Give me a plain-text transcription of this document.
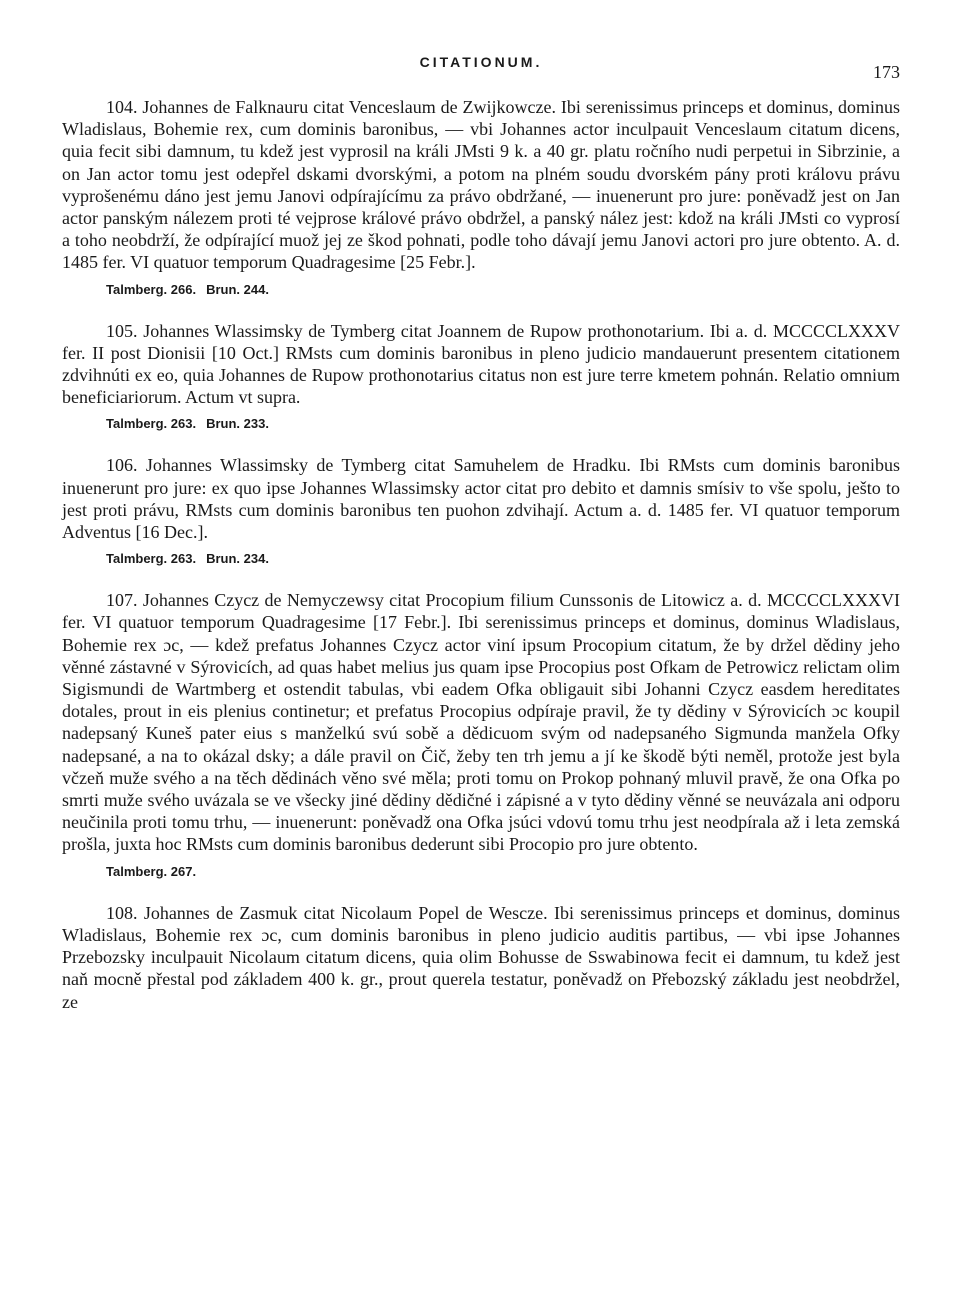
CITATIONUM.	173

104. Johannes de Falknauru citat Venceslaum de Zwijkowcze. Ibi serenissimus princeps et dominus, dominus Wladislaus, Bohemie rex, cum dominis baronibus, — vbi Johannes actor inculpauit Venceslaum citatum dicens, quia fecit sibi damnum, tu kdež jest vyprosil na králi JMsti 9 k. a 40 gr. platu ročního nudi perpetui in Sibrzinie, a on Jan actor tomu jest odepřel dskami dvorskými, a potom na plném soudu dvorském pány proti královu právu vyprošenému dáno jest jemu Janovi odpírajícímu za právo obdržané, — inuenerunt pro jure: poněvadž jest on Jan actor panským nálezem proti té vejprose králové právo obdržel, a panský nález jest: kdož na králi JMsti co vyprosí a toho neobdrží, že odpírající muož jej ze škod pohnati, podle toho dávají jemu Janovi actori pro jure obtento. A. d. 1485 fer. VI quatuor temporum Quadragesime [25 Febr.].

Talmberg. 266. Brun. 244.

105. Johannes Wlassimsky de Tymberg citat Joannem de Rupow prothonotarium. Ibi a. d. MCCCCLXXXV fer. II post Dionisii [10 Oct.] RMsts cum dominis baronibus in pleno judicio mandauerunt presentem citationem zdvihnúti ex eo, quia Johannes de Rupow prothonotarius citatus non est jure terre kmetem pohnán. Relatio omnium beneficiariorum. Actum vt supra.

Talmberg. 263. Brun. 233.

106. Johannes Wlassimsky de Tymberg citat Samuhelem de Hradku. Ibi RMsts cum dominis baronibus inuenerunt pro jure: ex quo ipse Johannes Wlassimsky actor citat pro debito et damnis smísiv to vše spolu, ješto to jest proti právu, RMsts cum dominis baronibus ten puohon zdvihají. Actum a. d. 1485 fer. VI quatuor temporum Adventus [16 Dec.].

Talmberg. 263. Brun. 234.

107. Johannes Czycz de Nemyczewsy citat Procopium filium Cunssonis de Litowicz a. d. MCCCCLXXXVI fer. VI quatuor temporum Quadragesime [17 Febr.]. Ibi serenissimus princeps et dominus, dominus Wladislaus, Bohemie rex ɔc, — kdež prefatus Johannes Czycz actor viní ipsum Procopium citatum, že by držel dědiny jeho věnné zástavné v Sýrovicích, ad quas habet melius jus quam ipse Procopius post Ofkam de Petrowicz relictam olim Sigismundi de Wartmberg et ostendit tabulas, vbi eadem Ofka obligauit sibi Johanni Czycz easdem hereditates dotales, prout in eis plenius continetur; et prefatus Procopius odpíraje pravil, že ty dědiny v Sýrovicích ɔc koupil nadepsaný Kuneš pater eius s manželkú svú sobě a dědicuom svým od nadepsaného Sigmunda manžela Ofky nadepsané, a na to okázal dsky; a dále pravil on Čič, žeby ten trh jemu a jí ke škodě býti neměl, protože jest byla včzeň muže svého a na těch dědinách věno své měla; proti tomu on Prokop pohnaný mluvil pravě, že ona Ofka po smrti muže svého uvázala se ve všecky jiné dědiny dědičné i zápisné a v tyto dědiny věnné se neuvázala ani odporu neučinila proti tomu trhu, — inuenerunt: poněvadž ona Ofka jsúci vdovú tomu trhu jest neodpírala až i leta zemská prošla, juxta hoc RMsts cum dominis baronibus dederunt sibi Procopio pro jure obtento.

Talmberg. 267.

108. Johannes de Zasmuk citat Nicolaum Popel de Wescze. Ibi serenissimus princeps et dominus, dominus Wladislaus, Bohemie rex ɔc, cum dominis baronibus in pleno judicio auditis partibus, — vbi ipse Johannes Przebozsky inculpauit Nicolaum citatum dicens, quia olim Bohusse de Sswabinowa fecit ei damnum, tu kdež jest naň mocně přestal pod základem 400 k. gr., prout querela testatur, poněvadž on Přebozský základu jest neobdržel, ze
